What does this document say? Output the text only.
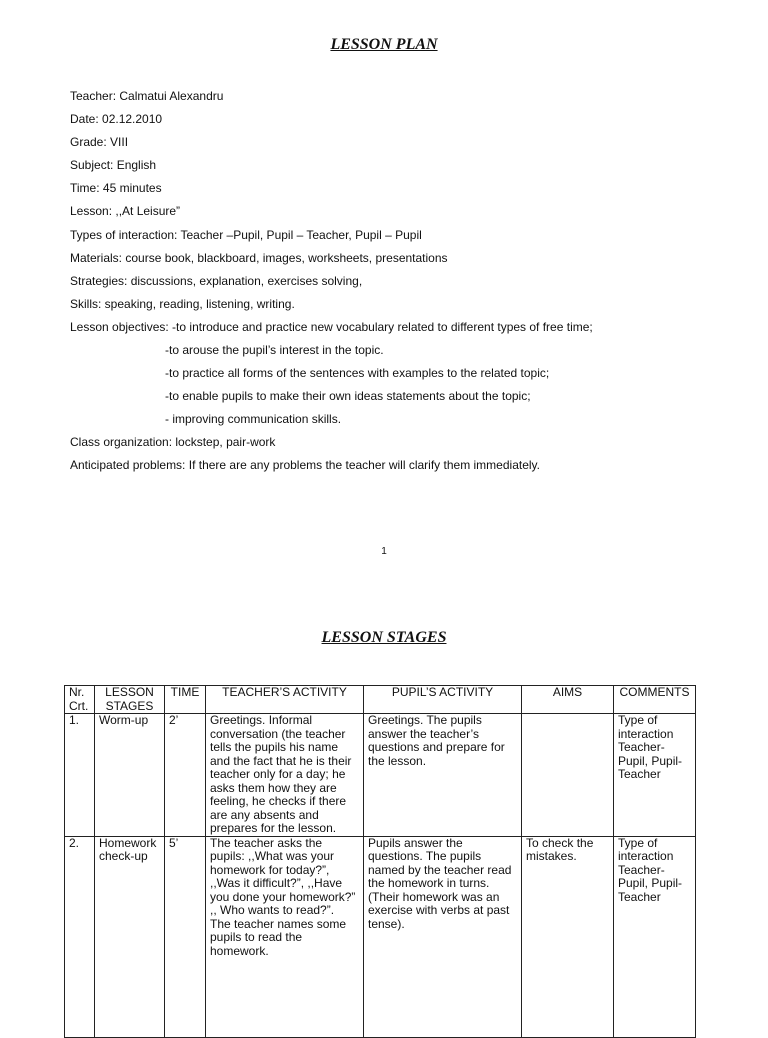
LESSON PLAN
Teacher: Calmatui Alexandru
Date: 02.12.2010
Grade: VIII
Subject: English
Time: 45 minutes
Lesson: ,,At Leisure”
Types of interaction: Teacher –Pupil, Pupil – Teacher, Pupil – Pupil
Materials: course book, blackboard, images, worksheets, presentations
Strategies: discussions, explanation, exercises solving,
Skills: speaking, reading, listening, writing.
Lesson objectives: -to introduce and practice new vocabulary related to different types of free time;
-to arouse the pupil’s interest in the topic.
-to practice all forms of the sentences with examples to the related topic;
-to enable pupils to make their own ideas statements about the topic;
- improving communication skills.
Class organization: lockstep, pair-work
Anticipated problems: If there are any problems the teacher will clarify them immediately.
1
LESSON STAGES
Nr. Crt.	LESSON STAGES	TIME	TEACHER’S ACTIVITY	PUPIL’S ACTIVITY	AIMS	COMMENTS
1.	Worm-up	2’	Greetings. Informal conversation (the teacher tells the pupils his name and the fact that he is their teacher only for a day; he asks them how they are feeling, he checks if there are any absents and prepares for the lesson.	Greetings. The pupils answer the teacher’s questions and prepare for the lesson.		Type of interaction Teacher-Pupil, Pupil-Teacher
2.	Homework check-up	5’	The teacher asks the pupils: ,,What was your homework for today?”, ,,Was it difficult?”, ,,Have you done your homework?”
,, Who wants to read?”.
The teacher names some pupils to read the homework.	Pupils answer the questions. The pupils named by the teacher read the homework in turns. (Their homework was an exercise with verbs at past tense).	To check the mistakes.	Type of interaction Teacher-Pupil, Pupil-Teacher
